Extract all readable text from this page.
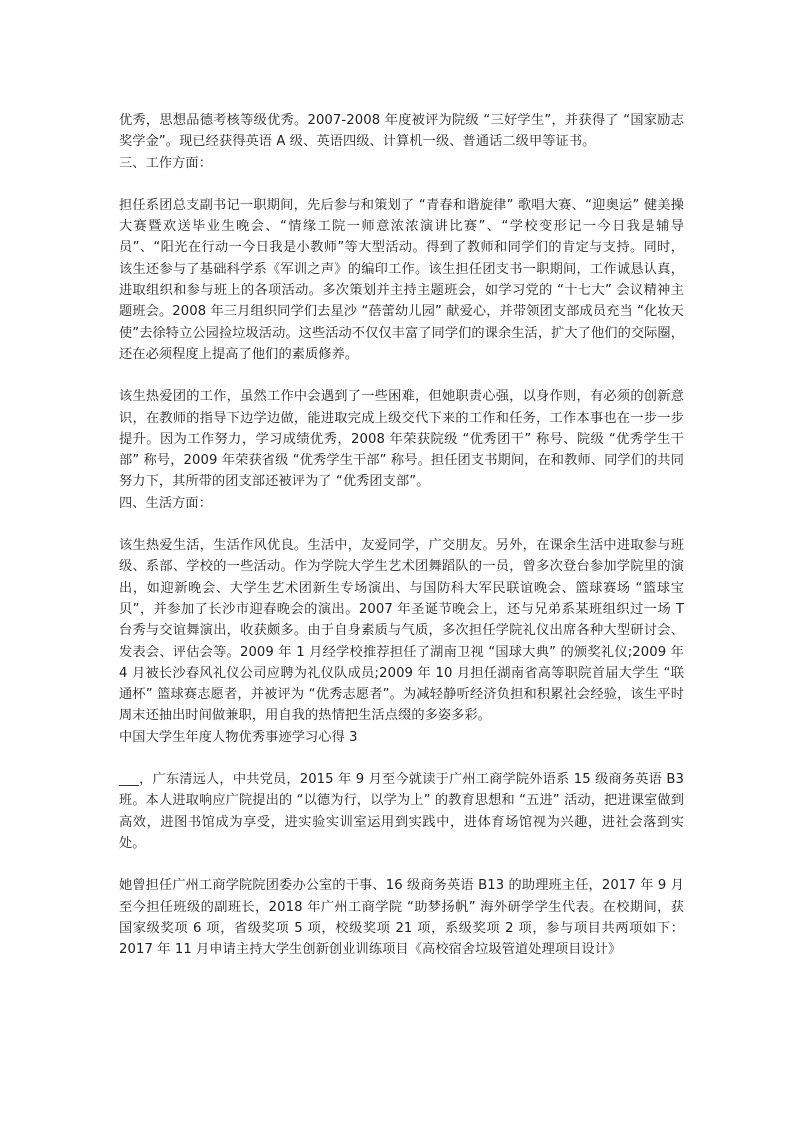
优秀，思想品德考核等级优秀。2007-2008 年度被评为院级 “三好学生”，并获得了 “国家励志奖学金”。现已经获得英语 A 级、英语四级、计算机一级、普通话二级甲等证书。

三、工作方面：

担任系团总支副书记一职期间，先后参与和策划了 “青春和谐旋律” 歌唱大赛、“迎奥运” 健美操大赛暨欢送毕业生晚会、“情缘工院一师意浓浓演讲比赛”、“学校变形记一今日我是辅导员”、“阳光在行动一今日我是小教师”等大型活动。得到了教师和同学们的肯定与支持。同时，该生还参与了基础科学系《军训之声》的编印工作。该生担任团支书一职期间，工作诚恳认真，进取组织和参与班上的各项活动。多次策划并主持主题班会，如学习党的 “十七大” 会议精神主题班会。2008 年三月组织同学们去星沙 “蓓蕾幼儿园” 献爱心，并带领团支部成员充当 “化妆天使”去徐特立公园捡垃圾活动。这些活动不仅仅丰富了同学们的课余生活，扩大了他们的交际圈，还在必须程度上提高了他们的素质修养。

该生热爱团的工作，虽然工作中会遇到了一些困难，但她职责心强，以身作则，有必须的创新意识，在教师的指导下边学边做，能进取完成上级交代下来的工作和任务，工作本事也在一步一步提升。因为工作努力，学习成绩优秀，2008 年荣获院级 “优秀团干” 称号、院级 “优秀学生干部” 称号，2009 年荣获省级 “优秀学生干部” 称号。担任团支书期间，在和教师、同学们的共同努力下，其所带的团支部还被评为了 “优秀团支部”。

四、生活方面：

该生热爱生活，生活作风优良。生活中，友爱同学，广交朋友。另外，在课余生活中进取参与班级、系部、学校的一些活动。作为学院大学生艺术团舞蹈队的一员，曾多次登台参加学院里的演出，如迎新晚会、大学生艺术团新生专场演出、与国防科大军民联谊晚会、篮球赛场 “篮球宝贝”，并参加了长沙市迎春晚会的演出。2007 年圣诞节晚会上，还与兄弟系某班组织过一场 T 台秀与交谊舞演出，收获颇多。由于自身素质与气质，多次担任学院礼仪出席各种大型研讨会、发表会、评估会等。2009 年 1 月经学校推荐担任了湖南卫视 “国球大典” 的颁奖礼仪;2009 年 4 月被长沙春风礼仪公司应聘为礼仪队成员;2009 年 10 月担任湖南省高等职院首届大学生 “联通杯” 篮球赛志愿者，并被评为 “优秀志愿者”。为减轻静听经济负担和积累社会经验，该生平时周末还抽出时间做兼职，用自我的热情把生活点缀的多姿多彩。

中国大学生年度人物优秀事迹学习心得 3

___，广东清远人，中共党员，2015 年 9 月至今就读于广州工商学院外语系 15 级商务英语 B3 班。本人进取响应广院提出的 “以德为行，以学为上” 的教育思想和 “五进” 活动，把进课室做到高效，进图书馆成为享受，进实验实训室运用到实践中，进体育场馆视为兴趣，进社会落到实处。

她曾担任广州工商学院院团委办公室的干事、16 级商务英语 B13 的助理班主任，2017 年 9 月至今担任班级的副班长，2018 年广州工商学院 “助梦扬帆” 海外研学学生代表。在校期间，获国家级奖项 6 项，省级奖项 5 项，校级奖项 21 项，系级奖项 2 项，参与项目共两项如下：2017 年 11 月申请主持大学生创新创业训练项目《高校宿舍垃圾管道处理项目设计》
